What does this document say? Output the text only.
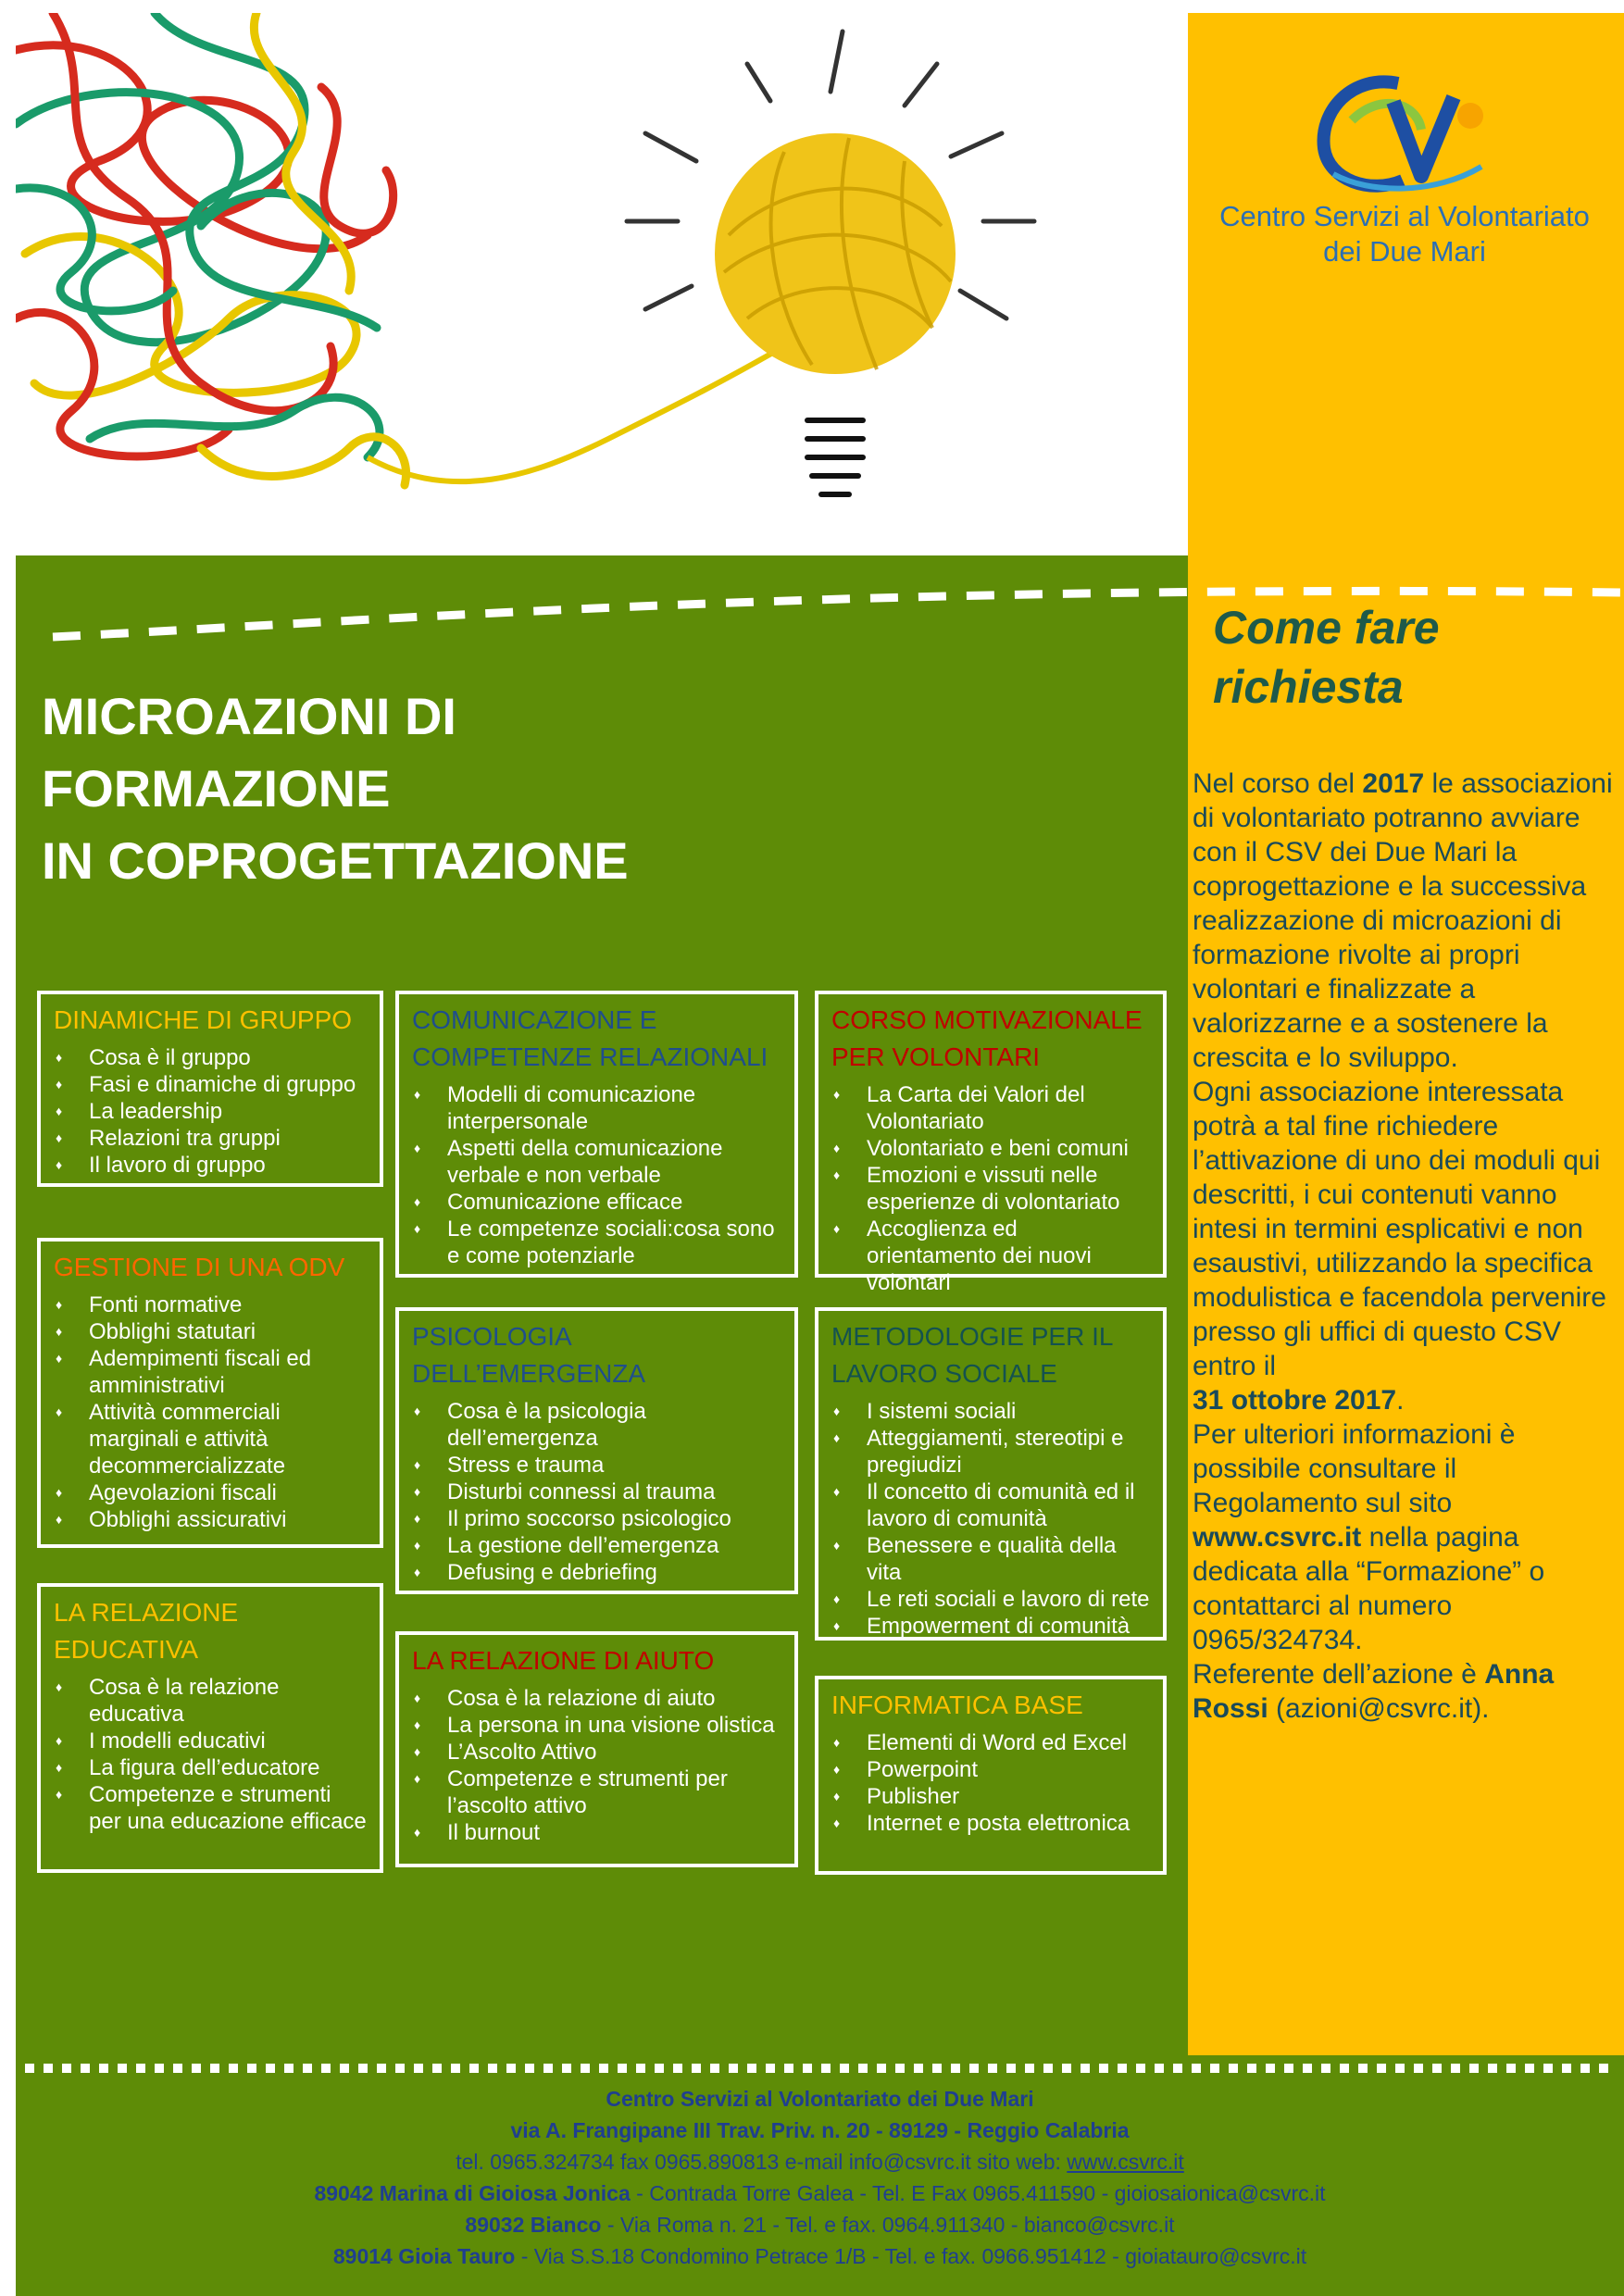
Centro Servizi al Volontariato
dei Due Mari
MICROAZIONI DI
FORMAZIONE
IN COPROGETTAZIONE
DINAMICHE DI GRUPPO
♦ Cosa è il gruppo
♦ Fasi e dinamiche di gruppo
♦ La leadership
♦ Relazioni tra gruppi
♦ Il lavoro di gruppo
GESTIONE DI UNA ODV
♦ Fonti normative
♦ Obblighi statutari
♦ Adempimenti fiscali ed amministrativi
♦ Attività commerciali marginali e attività decommercializzate
♦ Agevolazioni fiscali
♦ Obblighi assicurativi
LA RELAZIONE EDUCATIVA
♦ Cosa è la relazione educativa
♦ I modelli educativi
♦ La figura dell’educatore
♦ Competenze e strumenti per una educazione efficace
COMUNICAZIONE E COMPETENZE RELAZIONALI
♦ Modelli di comunicazione interpersonale
♦ Aspetti della comunicazione verbale e non verbale
♦ Comunicazione efficace
♦ Le competenze sociali:cosa sono e come potenziarle
PSICOLOGIA DELL’EMERGENZA
♦ Cosa è la psicologia dell’emergenza
♦ Stress e trauma
♦ Disturbi connessi al trauma
♦ Il primo soccorso psicologico
♦ La gestione dell’emergenza
♦ Defusing e debriefing
LA RELAZIONE DI AIUTO
♦ Cosa è la relazione di aiuto
♦ La persona in una visione olistica
♦ L’Ascolto Attivo
♦ Competenze e strumenti per l’ascolto attivo
♦ Il burnout
CORSO MOTIVAZIONALE PER VOLONTARI
♦ La Carta dei Valori del Volontariato
♦ Volontariato e beni comuni
♦ Emozioni e vissuti nelle esperienze di volontariato
♦ Accoglienza ed orientamento dei nuovi volontari
METODOLOGIE PER IL LAVORO SOCIALE
♦ I sistemi sociali
♦ Atteggiamenti, stereotipi e pregiudizi
♦ Il concetto di comunità ed il lavoro di comunità
♦ Benessere e qualità della vita
♦ Le reti sociali e lavoro di rete
♦ Empowerment di comunità
INFORMATICA BASE
♦ Elementi di Word ed Excel
♦ Powerpoint
♦ Publisher
♦ Internet e posta elettronica
Come fare richiesta
Nel corso del 2017 le associazioni di volontariato potranno avviare con il CSV dei Due Mari la coprogettazione e la successiva realizzazione di microazioni di formazione rivolte ai propri volontari e finalizzate a valorizzarne e a sostenere la crescita e lo sviluppo.
Ogni associazione interessata potrà a tal fine richiedere l’attivazione di uno dei moduli qui descritti, i cui contenuti vanno intesi in termini esplicativi e non esaustivi, utilizzando la specifica modulistica e facendola pervenire presso gli uffici di questo CSV entro il
31 ottobre 2017.
Per ulteriori informazioni è possibile consultare il Regolamento sul sito www.csvrc.it nella pagina dedicata alla “Formazione” o contattarci al numero 0965/324734.
Referente dell’azione è Anna Rossi (azioni@csvrc.it).
Centro Servizi al Volontariato dei Due Mari
via A. Frangipane III Trav. Priv. n. 20 - 89129 - Reggio Calabria
tel. 0965.324734 fax 0965.890813 e-mail info@csvrc.it sito web: www.csvrc.it
89042 Marina di Gioiosa Jonica - Contrada Torre Galea - Tel. E Fax 0965.411590 - gioiosaionica@csvrc.it
89032 Bianco - Via Roma n. 21 - Tel. e fax. 0964.911340 - bianco@csvrc.it
89014 Gioia Tauro - Via S.S.18 Condomino Petrace 1/B - Tel. e fax. 0966.951412 - gioiatauro@csvrc.it
